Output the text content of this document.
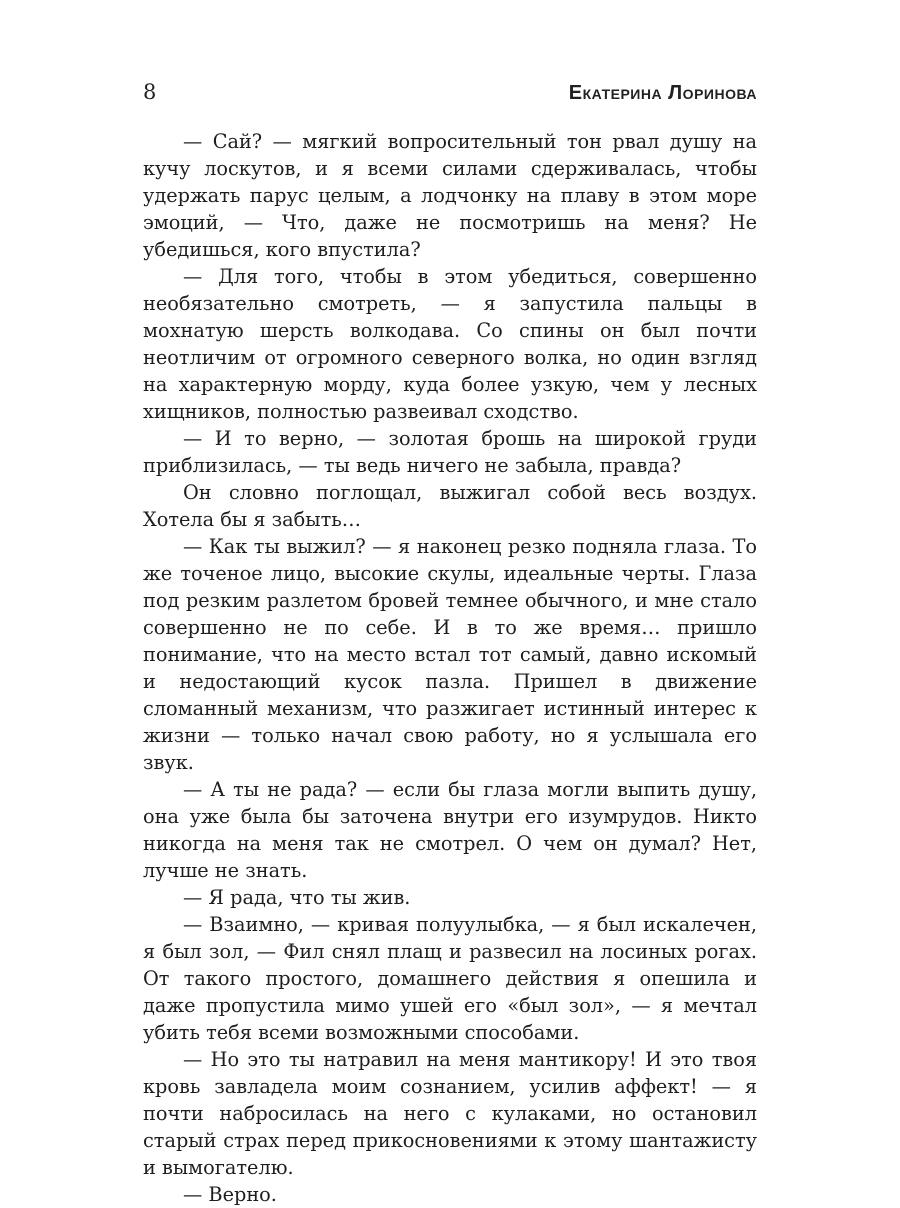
8	Екатерина Лоринова

— Сай? — мягкий вопросительный тон рвал душу на кучу лоскутов, и я всеми силами сдерживалась, чтобы удержать парус целым, а лодчонку на плаву в этом море эмоций, — Что, даже не посмотришь на меня? Не убедишься, кого впустила?

— Для того, чтобы в этом убедиться, совершенно необязательно смотреть, — я запустила пальцы в мохнатую шерсть волкодава. Со спины он был почти неотличим от огромного северного волка, но один взгляд на характерную морду, куда более узкую, чем у лесных хищников, полностью развеивал сходство.

— И то верно, — золотая брошь на широкой груди приблизилась, — ты ведь ничего не забыла, правда?

Он словно поглощал, выжигал собой весь воздух. Хотела бы я забыть…

— Как ты выжил? — я наконец резко подняла глаза. То же точеное лицо, высокие скулы, идеальные черты. Глаза под резким разлетом бровей темнее обычного, и мне стало совершенно не по себе. И в то же время… пришло понимание, что на место встал тот самый, давно искомый и недостающий кусок пазла. Пришел в движение сломанный механизм, что разжигает истинный интерес к жизни — только начал свою работу, но я услышала его звук.

— А ты не рада? — если бы глаза могли выпить душу, она уже была бы заточена внутри его изумрудов. Никто никогда на меня так не смотрел. О чем он думал? Нет, лучше не знать.

— Я рада, что ты жив.

— Взаимно, — кривая полуулыбка, — я был искалечен, я был зол, — Фил снял плащ и развесил на лосиных рогах. От такого простого, домашнего действия я опешила и даже пропустила мимо ушей его «был зол», — я мечтал убить тебя всеми возможными способами.

— Но это ты натравил на меня мантикору! И это твоя кровь завладела моим сознанием, усилив аффект! — я почти набросилась на него с кулаками, но остановил старый страх перед прикосновениями к этому шантажисту и вымогателю.

— Верно.
